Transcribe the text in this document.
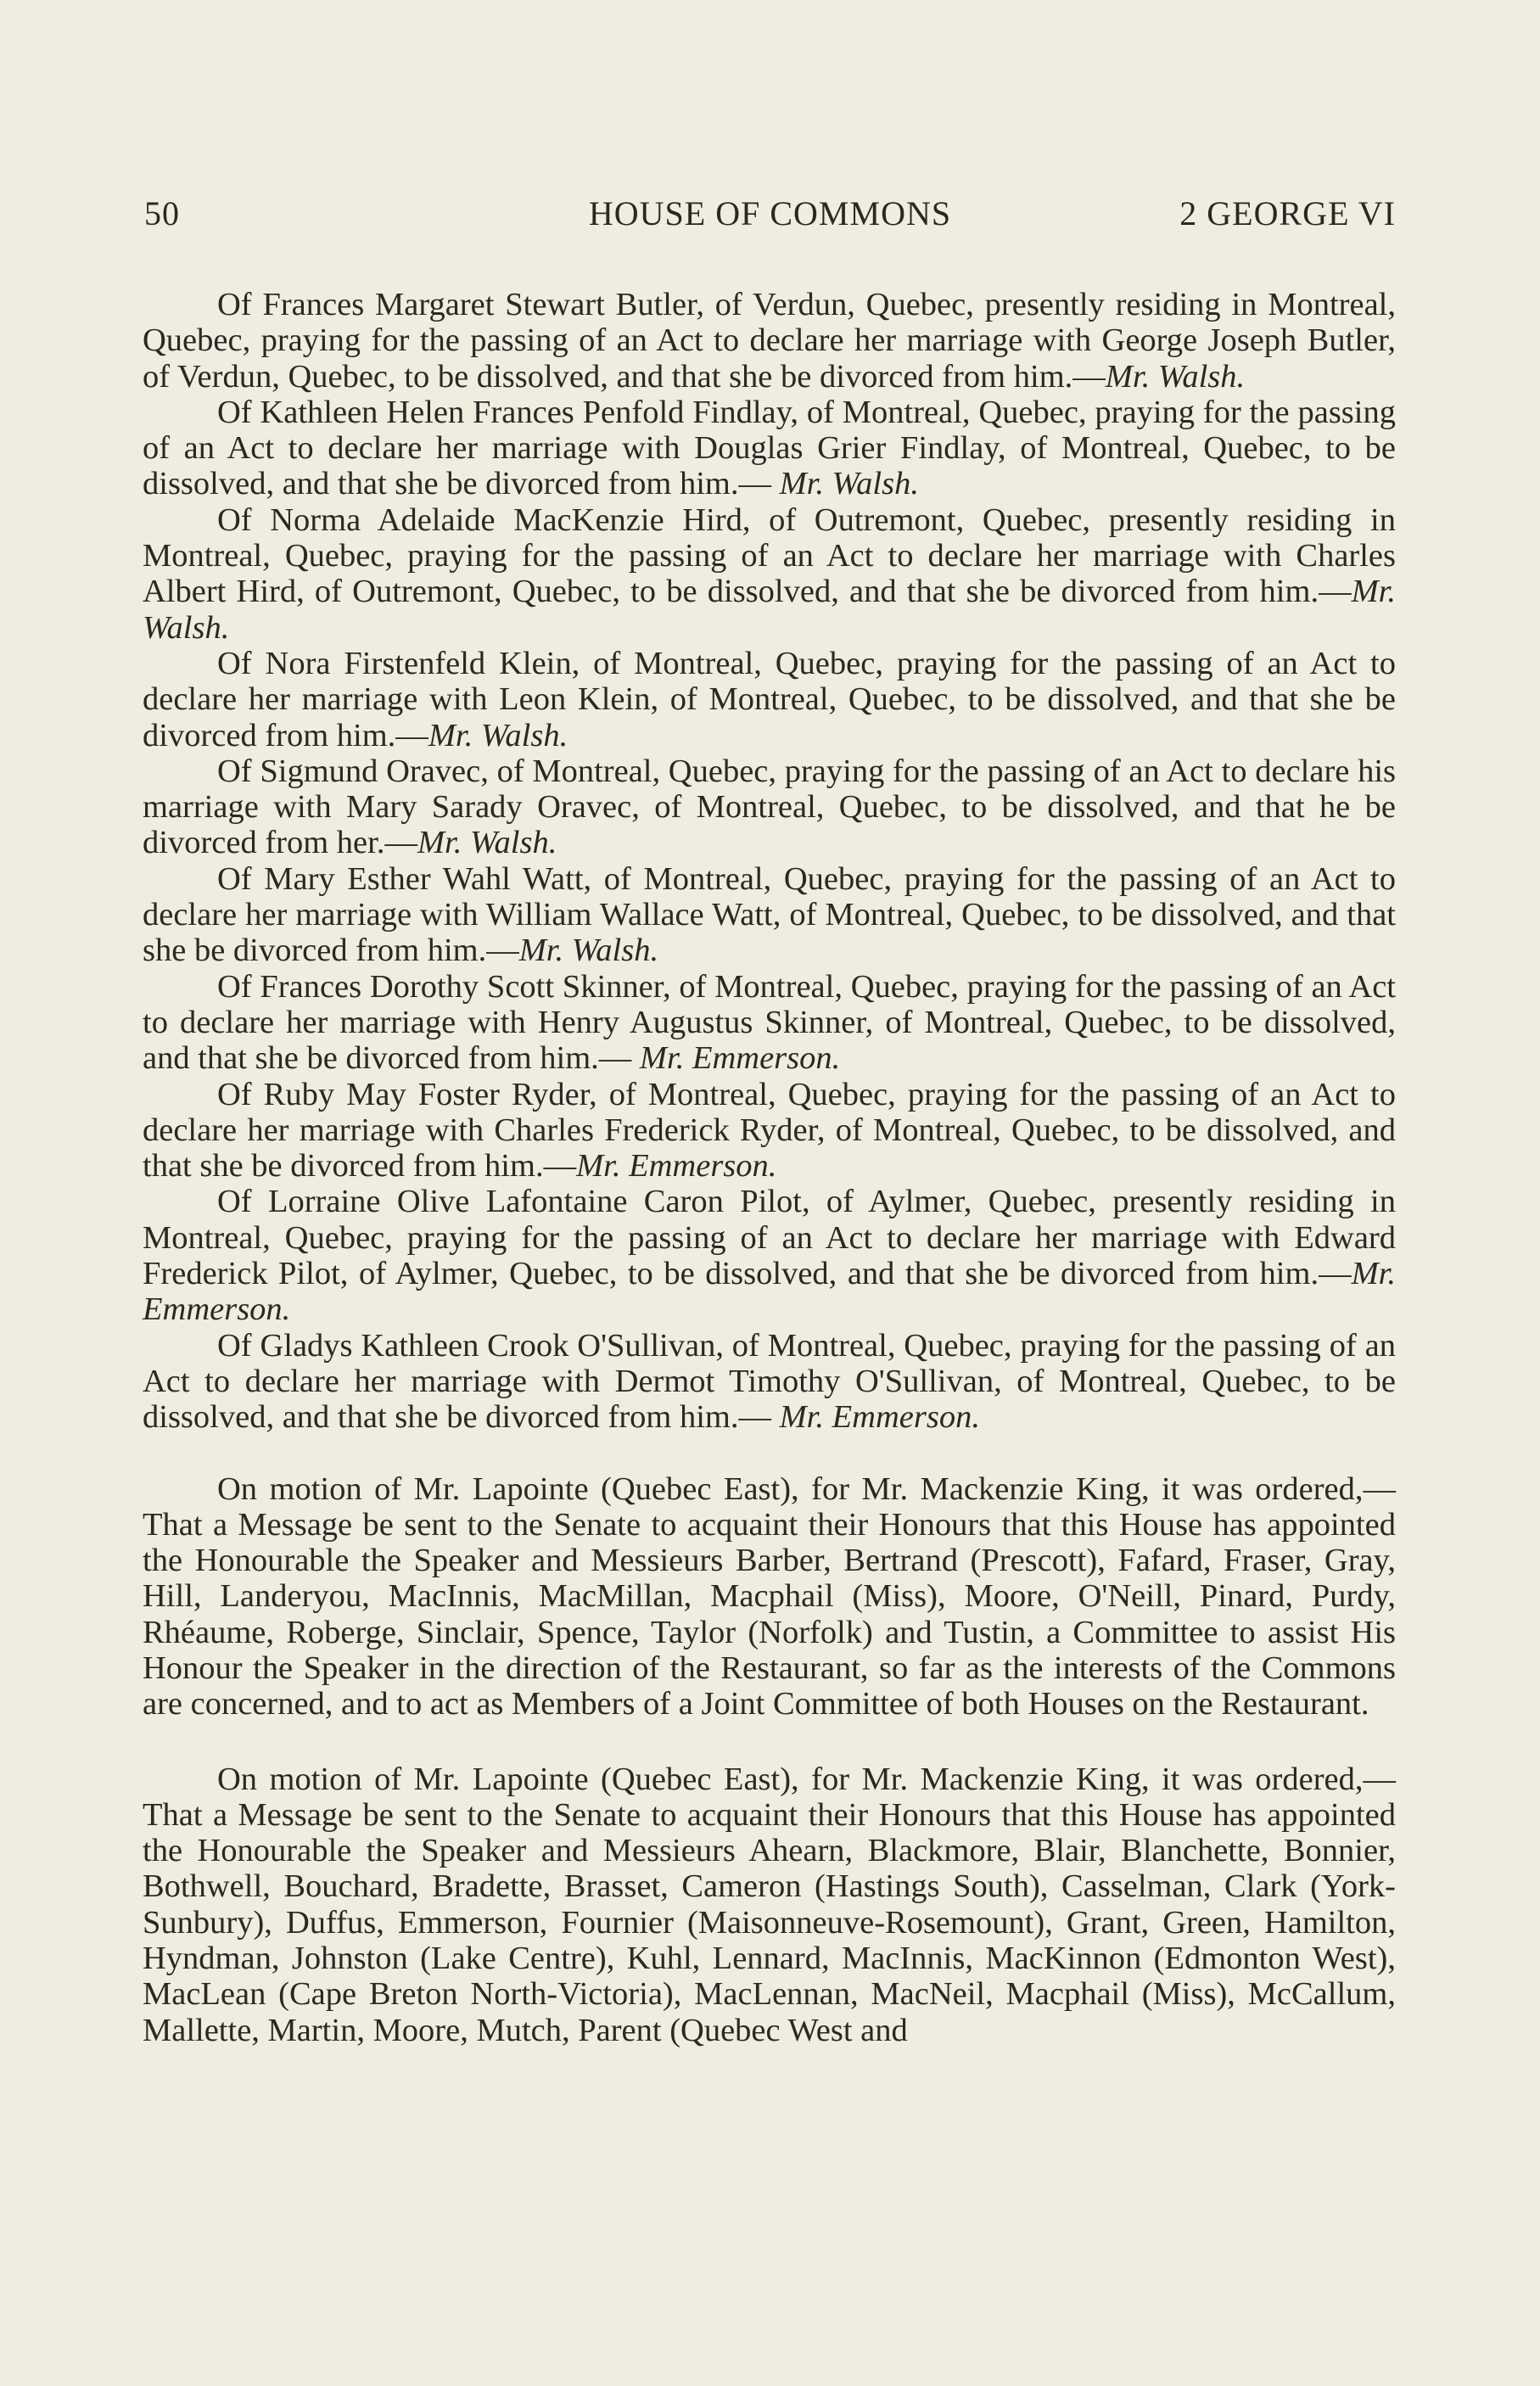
50	HOUSE OF COMMONS	2 GEORGE VI

Of Frances Margaret Stewart Butler, of Verdun, Quebec, presently residing in Montreal, Quebec, praying for the passing of an Act to declare her marriage with George Joseph Butler, of Verdun, Quebec, to be dissolved, and that she be divorced from him.—Mr. Walsh.

Of Kathleen Helen Frances Penfold Findlay, of Montreal, Quebec, praying for the passing of an Act to declare her marriage with Douglas Grier Findlay, of Montreal, Quebec, to be dissolved, and that she be divorced from him.— Mr. Walsh.

Of Norma Adelaide MacKenzie Hird, of Outremont, Quebec, presently residing in Montreal, Quebec, praying for the passing of an Act to declare her marriage with Charles Albert Hird, of Outremont, Quebec, to be dissolved, and that she be divorced from him.—Mr. Walsh.

Of Nora Firstenfeld Klein, of Montreal, Quebec, praying for the passing of an Act to declare her marriage with Leon Klein, of Montreal, Quebec, to be dissolved, and that she be divorced from him.—Mr. Walsh.

Of Sigmund Oravec, of Montreal, Quebec, praying for the passing of an Act to declare his marriage with Mary Sarady Oravec, of Montreal, Quebec, to be dissolved, and that he be divorced from her.—Mr. Walsh.

Of Mary Esther Wahl Watt, of Montreal, Quebec, praying for the passing of an Act to declare her marriage with William Wallace Watt, of Montreal, Quebec, to be dissolved, and that she be divorced from him.—Mr. Walsh.

Of Frances Dorothy Scott Skinner, of Montreal, Quebec, praying for the passing of an Act to declare her marriage with Henry Augustus Skinner, of Montreal, Quebec, to be dissolved, and that she be divorced from him.— Mr. Emmerson.

Of Ruby May Foster Ryder, of Montreal, Quebec, praying for the passing of an Act to declare her marriage with Charles Frederick Ryder, of Montreal, Quebec, to be dissolved, and that she be divorced from him.—Mr. Emmerson.

Of Lorraine Olive Lafontaine Caron Pilot, of Aylmer, Quebec, presently residing in Montreal, Quebec, praying for the passing of an Act to declare her marriage with Edward Frederick Pilot, of Aylmer, Quebec, to be dissolved, and that she be divorced from him.—Mr. Emmerson.

Of Gladys Kathleen Crook O'Sullivan, of Montreal, Quebec, praying for the passing of an Act to declare her marriage with Dermot Timothy O'Sullivan, of Montreal, Quebec, to be dissolved, and that she be divorced from him.— Mr. Emmerson.

On motion of Mr. Lapointe (Quebec East), for Mr. Mackenzie King, it was ordered,—That a Message be sent to the Senate to acquaint their Honours that this House has appointed the Honourable the Speaker and Messieurs Barber, Bertrand (Prescott), Fafard, Fraser, Gray, Hill, Landeryou, MacInnis, MacMillan, Macphail (Miss), Moore, O'Neill, Pinard, Purdy, Rhéaume, Roberge, Sinclair, Spence, Taylor (Norfolk) and Tustin, a Committee to assist His Honour the Speaker in the direction of the Restaurant, so far as the interests of the Commons are concerned, and to act as Members of a Joint Committee of both Houses on the Restaurant.

On motion of Mr. Lapointe (Quebec East), for Mr. Mackenzie King, it was ordered,—That a Message be sent to the Senate to acquaint their Honours that this House has appointed the Honourable the Speaker and Messieurs Ahearn, Blackmore, Blair, Blanchette, Bonnier, Bothwell, Bouchard, Bradette, Brasset, Cameron (Hastings South), Casselman, Clark (York-Sunbury), Duffus, Emmerson, Fournier (Maisonneuve-Rosemount), Grant, Green, Hamilton, Hyndman, Johnston (Lake Centre), Kuhl, Lennard, MacInnis, MacKinnon (Edmonton West), MacLean (Cape Breton North-Victoria), MacLennan, MacNeil, Macphail (Miss), McCallum, Mallette, Martin, Moore, Mutch, Parent (Quebec West and
